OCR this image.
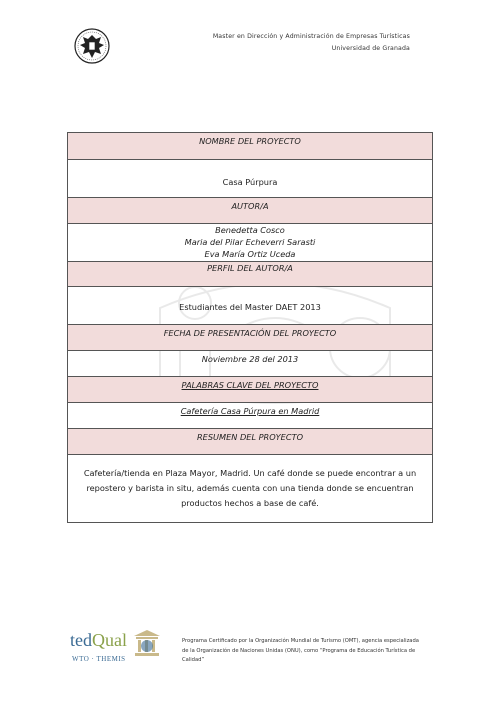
Master en Dirección y Administración de Empresas Turísticas
Universidad de Granada
NOMBRE DEL PROYECTO
Casa Púrpura
AUTOR/A
Benedetta Cosco
Maria del Pilar Echeverri Sarasti
Eva María Ortiz Uceda
PERFIL DEL AUTOR/A
Estudiantes del Master DAET 2013
FECHA DE PRESENTACIÓN DEL PROYECTO
Noviembre 28 del 2013
PALABRAS CLAVE DEL PROYECTO
Cafetería Casa Púrpura en Madrid
RESUMEN DEL PROYECTO
Cafetería/tienda en Plaza Mayor, Madrid. Un café donde se puede encontrar a un repostero y barista in situ, además cuenta con una tienda donde se encuentran productos hechos a base de café.
tedQual
WTO · THEMIS
Programa Certificado por la Organización Mundial de Turismo (OMT), agencia especializada de la Organización de Naciones Unidas (ONU), como “Programa de Educación Turística de Calidad”
